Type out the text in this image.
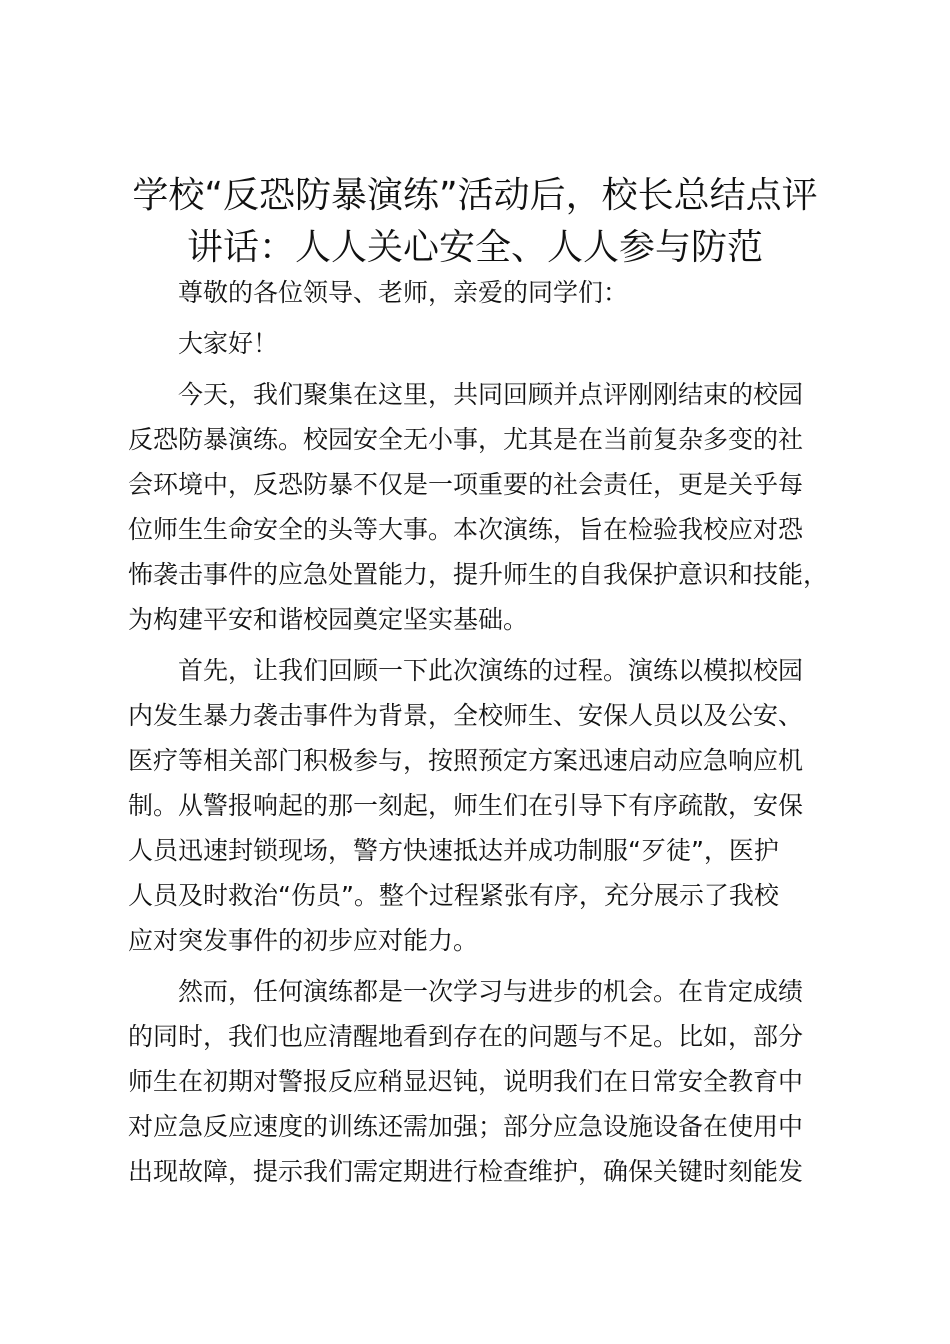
学校“反恐防暴演练”活动后，校长总结点评
讲话：人人关心安全、人人参与防范

尊敬的各位领导、老师，亲爱的同学们：

大家好！

今天，我们聚集在这里，共同回顾并点评刚刚结束的校园
反恐防暴演练。校园安全无小事，尤其是在当前复杂多变的社
会环境中，反恐防暴不仅是一项重要的社会责任，更是关乎每
位师生生命安全的头等大事。本次演练，旨在检验我校应对恐
怖袭击事件的应急处置能力，提升师生的自我保护意识和技能，
为构建平安和谐校园奠定坚实基础。

首先，让我们回顾一下此次演练的过程。演练以模拟校园
内发生暴力袭击事件为背景，全校师生、安保人员以及公安、
医疗等相关部门积极参与，按照预定方案迅速启动应急响应机
制。从警报响起的那一刻起，师生们在引导下有序疏散，安保
人员迅速封锁现场，警方快速抵达并成功制服“歹徒”，医护
人员及时救治“伤员”。整个过程紧张有序，充分展示了我校
应对突发事件的初步应对能力。

然而，任何演练都是一次学习与进步的机会。在肯定成绩
的同时，我们也应清醒地看到存在的问题与不足。比如，部分
师生在初期对警报反应稍显迟钝，说明我们在日常安全教育中
对应急反应速度的训练还需加强；部分应急设施设备在使用中
出现故障，提示我们需定期进行检查维护，确保关键时刻能发
